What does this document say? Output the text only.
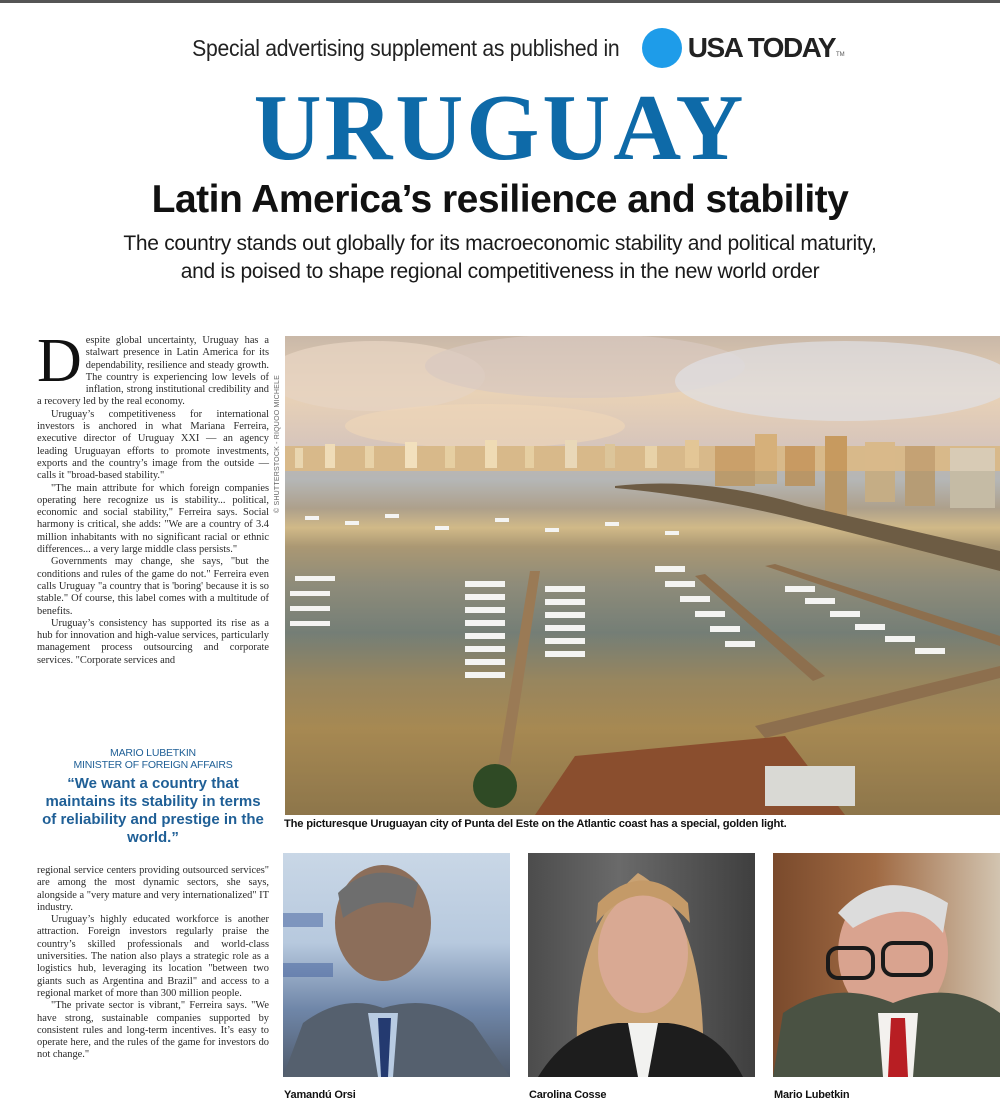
Special advertising supplement as published in USA TODAY TM
URUGUAY
Latin America’s resilience and stability
The country stands out globally for its macroeconomic stability and political maturity,
and is poised to shape regional competitiveness in the new world order

Despite global uncertainty, Uruguay has a stalwart presence in Latin America for its dependability, resilience and steady growth. The country is experiencing low levels of inflation, strong institutional credibility and a recovery led by the real economy.

Uruguay’s competitiveness for international investors is anchored in what Mariana Ferreira, executive director of Uruguay XXI — an agency leading Uruguayan efforts to promote investments, exports and the country’s image from the outside — calls it "broad-based stability."

"The main attribute for which foreign companies operating here recognize us is stability... political, economic and social stability," Ferreira says. Social harmony is critical, she adds: "We are a country of 3.4 million inhabitants with no significant racial or ethnic differences... a very large middle class persists."

Governments may change, she says, "but the conditions and rules of the game do not." Ferreira even calls Uruguay "a country that is 'boring' because it is so stable." Of course, this label comes with a multitude of benefits.

Uruguay’s consistency has supported its rise as a hub for innovation and high-value services, particularly management process outsourcing and corporate services. "Corporate services and

© SHUTTERSTOCK - RIQUOO MICHELE
MARIO LUBETKIN
MINISTER OF FOREIGN AFFAIRS
“We want a country that maintains its stability in terms of reliability and prestige in the world.”

regional service centers providing outsourced services" are among the most dynamic sectors, she says, alongside a "very mature and very internationalized" IT industry.

Uruguay’s highly educated workforce is another attraction. Foreign investors regularly praise the country’s skilled professionals and world-class universities. The nation also plays a strategic role as a logistics hub, leveraging its location "between two giants such as Argentina and Brazil" and access to a regional market of more than 300 million people.

"The private sector is vibrant," Ferreira says. "We have strong, sustainable companies supported by consistent rules and long-term incentives. It’s easy to operate here, and the rules of the game for investors do not change."

The picturesque Uruguayan city of Punta del Este on the Atlantic coast has a special, golden light.
Yamandú Orsi	Carolina Cosse	Mario Lubetkin
